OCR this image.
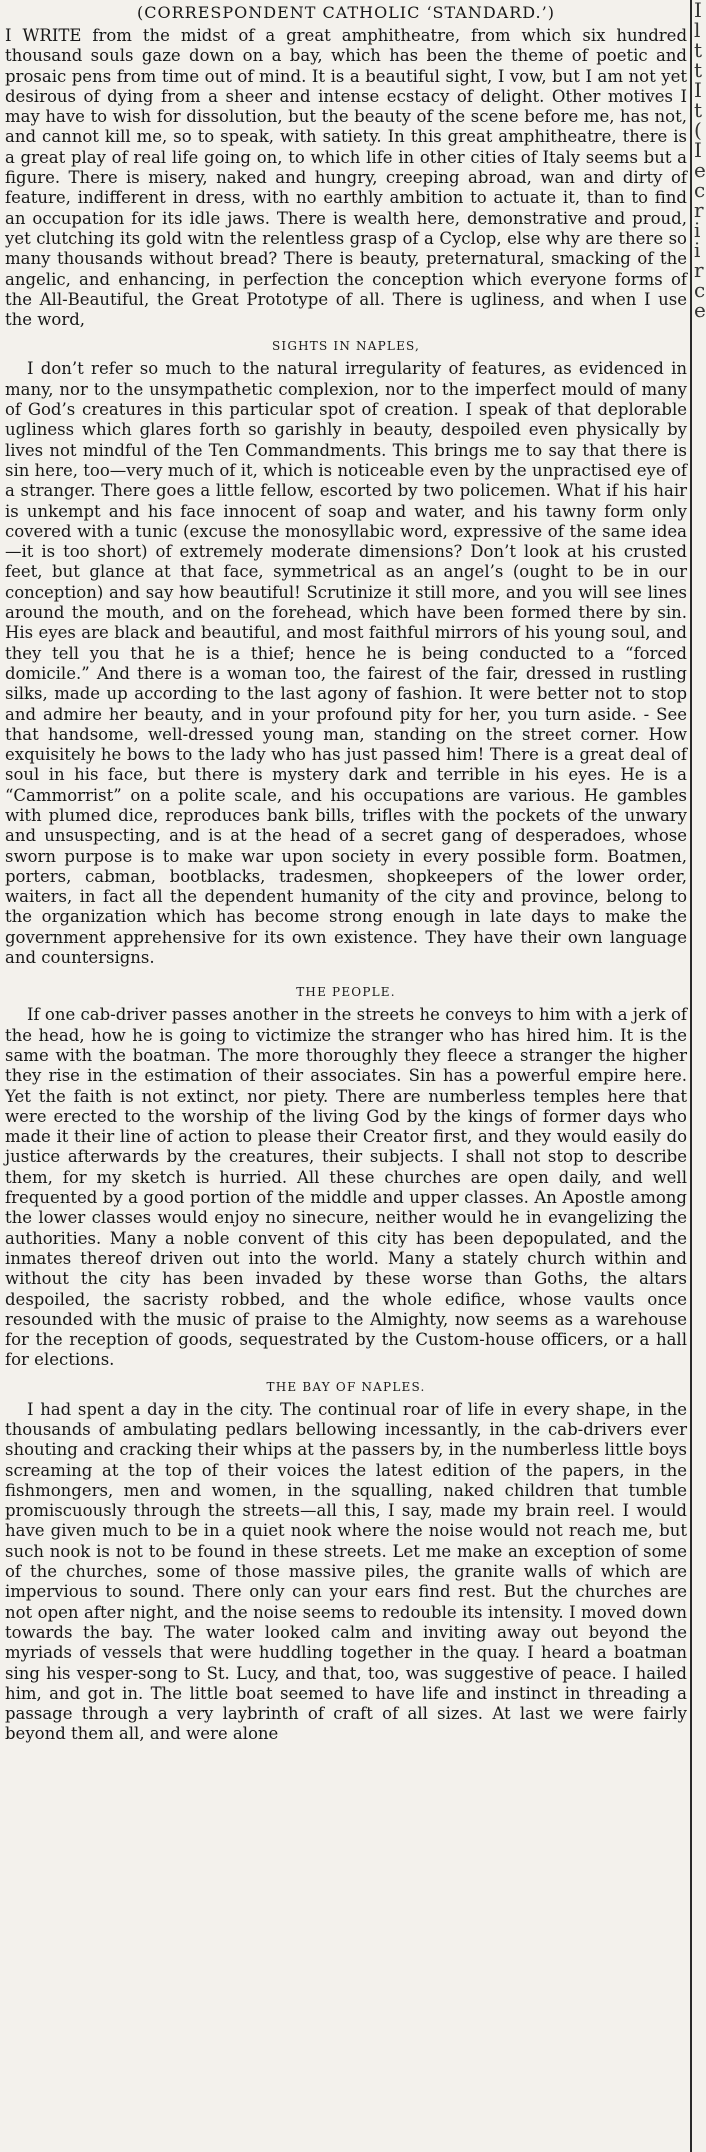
(CORRESPONDENT CATHOLIC ‘STANDARD.’)

I WRITE from the midst of a great amphitheatre, from which six hundred thousand souls gaze down on a bay, which has been the theme of poetic and prosaic pens from time out of mind. It is a beautiful sight, I vow, but I am not yet desirous of dying from a sheer and intense ecstacy of delight. Other motives I may have to wish for dissolution, but the beauty of the scene before me, has not, and cannot kill me, so to speak, with satiety. In this great amphitheatre, there is a great play of real life going on, to which life in other cities of Italy seems but a figure. There is misery, naked and hungry, creeping abroad, wan and dirty of feature, indifferent in dress, with no earthly ambition to actuate it, than to find an occupation for its idle jaws. There is wealth here, demonstrative and proud, yet clutching its gold witn the relentless grasp of a Cyclop, else why are there so many thousands without bread? There is beauty, preternatural, smacking of the angelic, and enhancing, in perfection the conception which everyone forms of the All-Beautiful, the Great Prototype of all. There is ugliness, and when I use the word,

SIGHTS IN NAPLES,

I don’t refer so much to the natural irregularity of features, as evidenced in many, nor to the unsympathetic complexion, nor to the imperfect mould of many of God’s creatures in this particular spot of creation. I speak of that deplorable ugliness which glares forth so garishly in beauty, despoiled even physically by lives not mindful of the Ten Commandments. This brings me to say that there is sin here, too—very much of it, which is noticeable even by the unpractised eye of a stranger. There goes a little fellow, escorted by two policemen. What if his hair is unkempt and his face innocent of soap and water, and his tawny form only covered with a tunic (excuse the monosyllabic word, expressive of the same idea—it is too short) of extremely moderate dimensions? Don’t look at his crusted feet, but glance at that face, symmetrical as an angel’s (ought to be in our conception) and say how beautiful! Scrutinize it still more, and you will see lines around the mouth, and on the forehead, which have been formed there by sin. His eyes are black and beautiful, and most faithful mirrors of his young soul, and they tell you that he is a thief; hence he is being conducted to a “forced domicile.” And there is a woman too, the fairest of the fair, dressed in rustling silks, made up according to the last agony of fashion. It were better not to stop and admire her beauty, and in your profound pity for her, you turn aside. - See that handsome, well-dressed young man, standing on the street corner. How exquisitely he bows to the lady who has just passed him! There is a great deal of soul in his face, but there is mystery dark and terrible in his eyes. He is a “Cammorrist” on a polite scale, and his occupations are various. He gambles with plumed dice, reproduces bank bills, trifles with the pockets of the unwary and unsuspecting, and is at the head of a secret gang of desperadoes, whose sworn purpose is to make war upon society in every possible form. Boatmen, porters, cabman, bootblacks, tradesmen, shopkeepers of the lower order, waiters, in fact all the dependent humanity of the city and province, belong to the organization which has become strong enough in late days to make the government apprehensive for its own existence. They have their own language and countersigns.

THE PEOPLE.

If one cab-driver passes another in the streets he conveys to him with a jerk of the head, how he is going to victimize the stranger who has hired him. It is the same with the boatman. The more thoroughly they fleece a stranger the higher they rise in the estimation of their associates. Sin has a powerful empire here. Yet the faith is not extinct, nor piety. There are numberless temples here that were erected to the worship of the living God by the kings of former days who made it their line of action to please their Creator first, and they would easily do justice afterwards by the creatures, their subjects. I shall not stop to describe them, for my sketch is hurried. All these churches are open daily, and well frequented by a good portion of the middle and upper classes. An Apostle among the lower classes would enjoy no sinecure, neither would he in evangelizing the authorities. Many a noble convent of this city has been depopulated, and the inmates thereof driven out into the world. Many a stately church within and without the city has been invaded by these worse than Goths, the altars despoiled, the sacristy robbed, and the whole edifice, whose vaults once resounded with the music of praise to the Almighty, now seems as a warehouse for the reception of goods, sequestrated by the Custom-house officers, or a hall for elections.

THE BAY OF NAPLES.

I had spent a day in the city. The continual roar of life in every shape, in the thousands of ambulating pedlars bellowing incessantly, in the cab-drivers ever shouting and cracking their whips at the passers by, in the numberless little boys screaming at the top of their voices the latest edition of the papers, in the fishmongers, men and women, in the squalling, naked children that tumble promiscuously through the streets—all this, I say, made my brain reel. I would have given much to be in a quiet nook where the noise would not reach me, but such nook is not to be found in these streets. Let me make an exception of some of the churches, some of those massive piles, the granite walls of which are impervious to sound. There only can your ears find rest. But the churches are not open after night, and the noise seems to redouble its intensity. I moved down towards the bay. The water looked calm and inviting away out beyond the myriads of vessels that were huddling together in the quay. I heard a boatman sing his vesper-song to St. Lucy, and that, too, was suggestive of peace. I hailed him, and got in. The little boat seemed to have life and instinct in threading a passage through a very laybrinth of craft of all sizes. At last we were fairly beyond them all, and were alone

I
l
t
t
I
t
(
I
e
c
r
i
i
r
c
e
